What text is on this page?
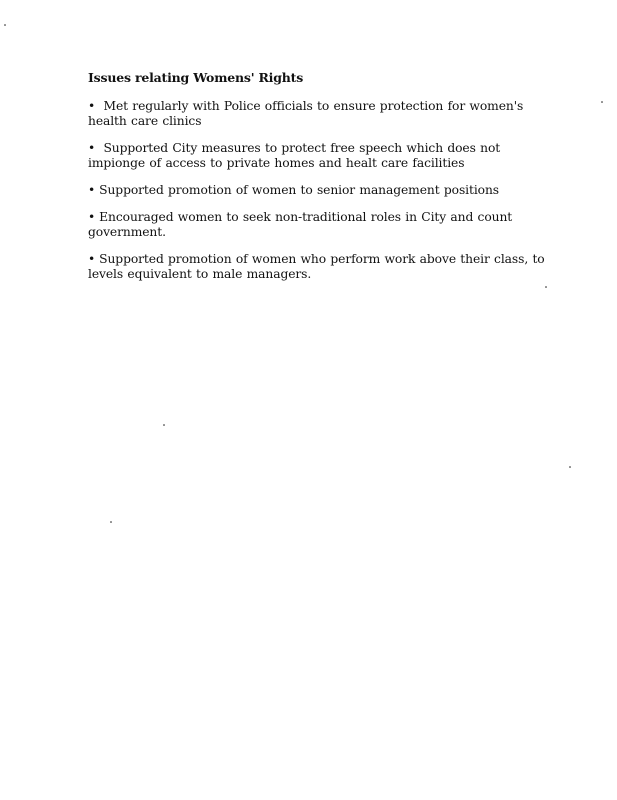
Issues relating Womens' Rights
• Met regularly with Police officials to ensure protection for women's
health care clinics
• Supported City measures to protect free speech which does not
impionge of access to private homes and healt care facilities
• Supported promotion of women to senior management positions
• Encouraged women to seek non-traditional roles in City and count
government.
• Supported promotion of women who perform work above their class, to
levels equivalent to male managers.
